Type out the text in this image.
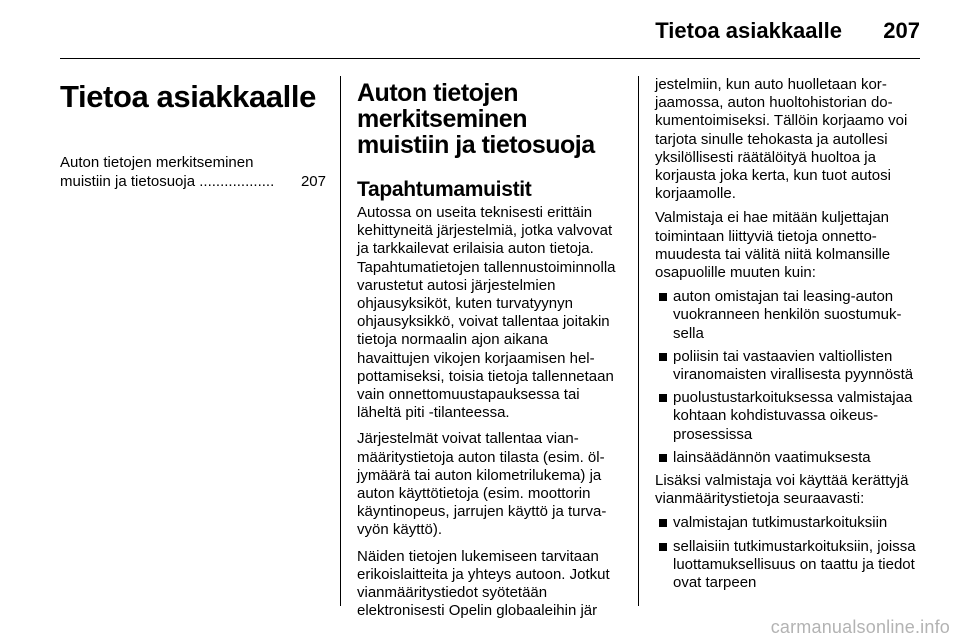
Tietoa asiakkaalle 207
Tietoa asiakkaalle
Auton tietojen merkitseminen
muistiin ja tietosuoja ..................	207
Auton tietojen merkitseminen muistiin ja tietosuoja
Tapahtumamuistit

Autossa on useita teknisesti erittäin kehittyneitä järjestelmiä, jotka valvovat ja tarkkailevat erilaisia auton tietoja. Tapahtumatietojen tallennustoiminnolla varustetut autosi järjestelmien ohjausyksiköt, kuten turvatyynyn ohjausyksikkö, voivat tallentaa joitakin tietoja normaalin ajon aikana havaittujen vikojen korjaamisen helpottamiseksi, toisia tietoja tallennetaan vain onnettomuustapauksessa tai läheltä piti -tilanteessa.

Järjestelmät voivat tallentaa vianmääritystietoja auton tilasta (esim. öljymäärä tai auton kilometrilukema) ja auton käyttötietoja (esim. moottorin käyntinopeus, jarrujen käyttö ja turvavyön käyttö).

Näiden tietojen lukemiseen tarvitaan erikoislaitteita ja yhteys autoon. Jotkut vianmääritystiedot syötetään elektronisesti Opelin globaaleihin jär

jestelmiin, kun auto huolletaan korjaamossa, auton huoltohistorian dokumentoimiseksi. Tällöin korjaamo voi tarjota sinulle tehokasta ja autollesi yksilöllisesti räätälöityä huoltoa ja korjausta joka kerta, kun tuot autosi korjaamolle.

Valmistaja ei hae mitään kuljettajan toimintaan liittyviä tietoja onnettomuudesta tai välitä niitä kolmansille osapuolille muuten kuin:

auton omistajan tai leasing-auton vuokranneen henkilön suostumuksella
poliisin tai vastaavien valtiollisten viranomaisten virallisesta pyynnöstä
puolustustarkoituksessa valmistajaa kohtaan kohdistuvassa oikeusprosessissa
lainsäädännön vaatimuksesta

Lisäksi valmistaja voi käyttää kerättyjä vianmääritystietoja seuraavasti:

valmistajan tutkimustarkoituksiin
sellaisiin tutkimustarkoituksiin, joissa luottamuksellisuus on taattu ja tiedot ovat tarpeen
carmanualsonline.info
